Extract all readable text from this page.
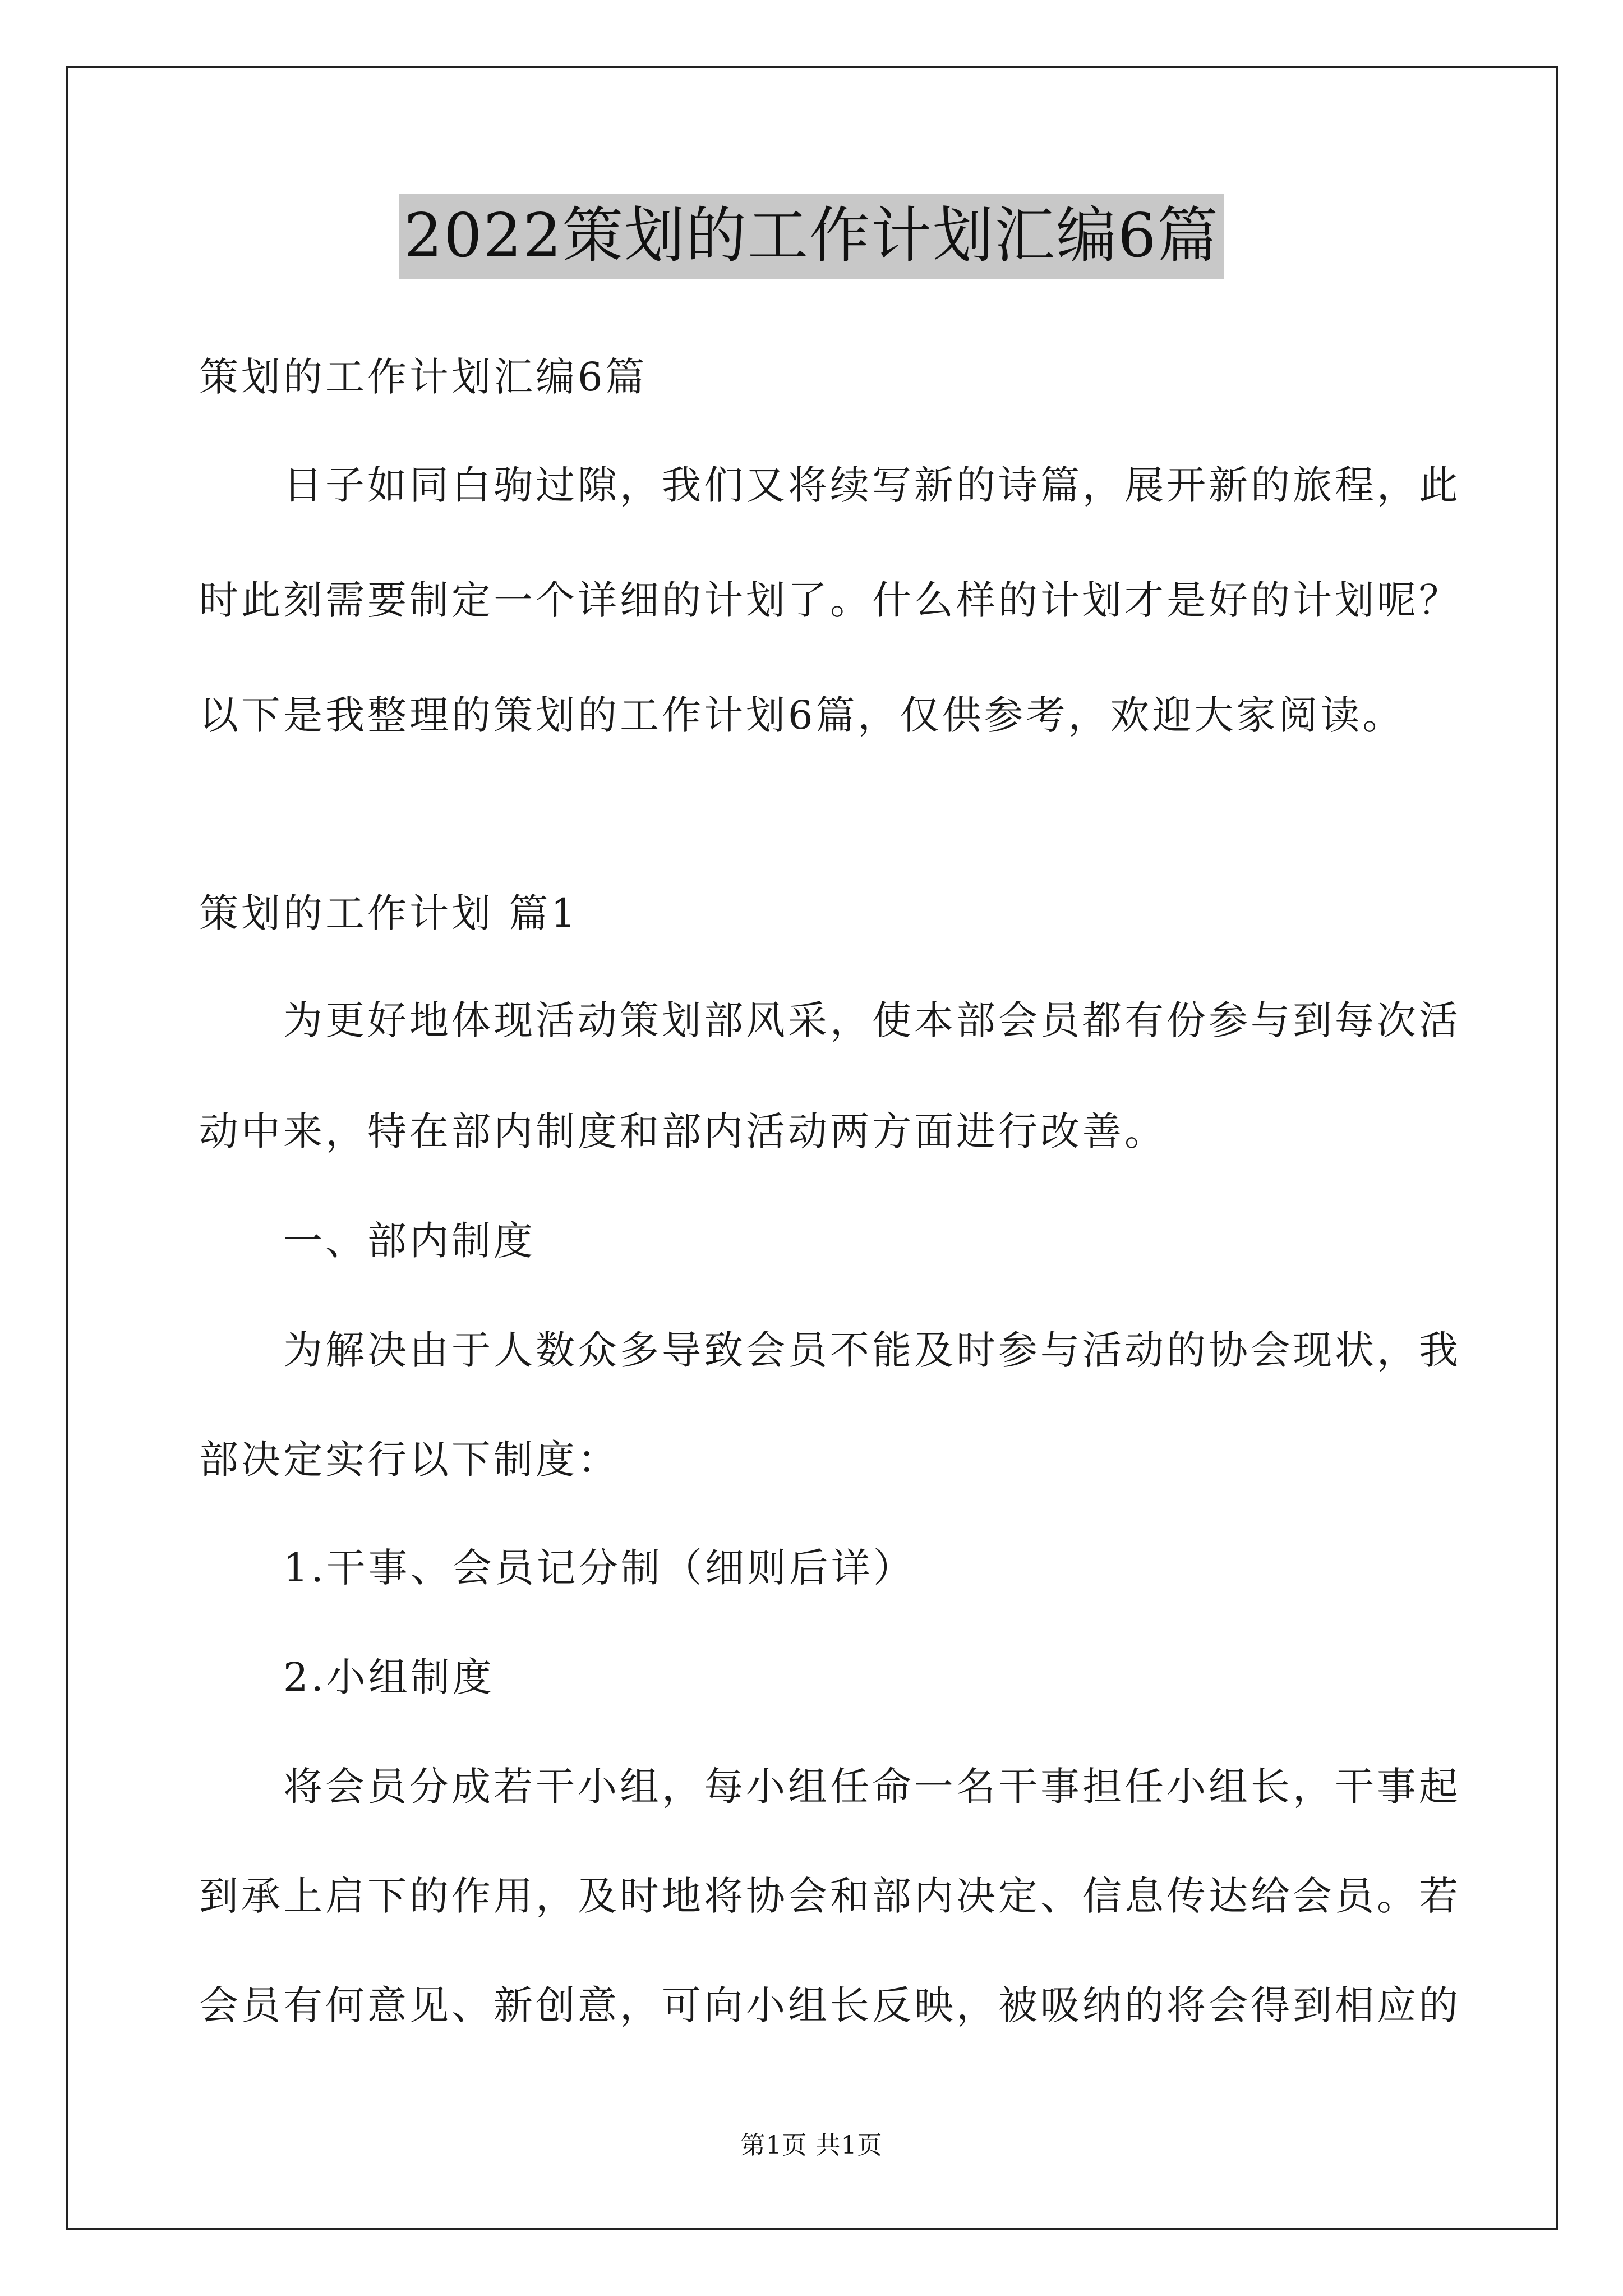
2022策划的工作计划汇编6篇
策划的工作计划汇编6篇
日子如同白驹过隙，我们又将续写新的诗篇，展开新的旅程，此
时此刻需要制定一个详细的计划了。什么样的计划才是好的计划呢？
以下是我整理的策划的工作计划6篇，仅供参考，欢迎大家阅读。
策划的工作计划 篇1
为更好地体现活动策划部风采，使本部会员都有份参与到每次活
动中来，特在部内制度和部内活动两方面进行改善。
一、部内制度
为解决由于人数众多导致会员不能及时参与活动的协会现状，我
部决定实行以下制度：
1.干事、会员记分制（细则后详）
2.小组制度
将会员分成若干小组，每小组任命一名干事担任小组长，干事起
到承上启下的作用，及时地将协会和部内决定、信息传达给会员。若
会员有何意见、新创意，可向小组长反映，被吸纳的将会得到相应的
第1页 共1页
